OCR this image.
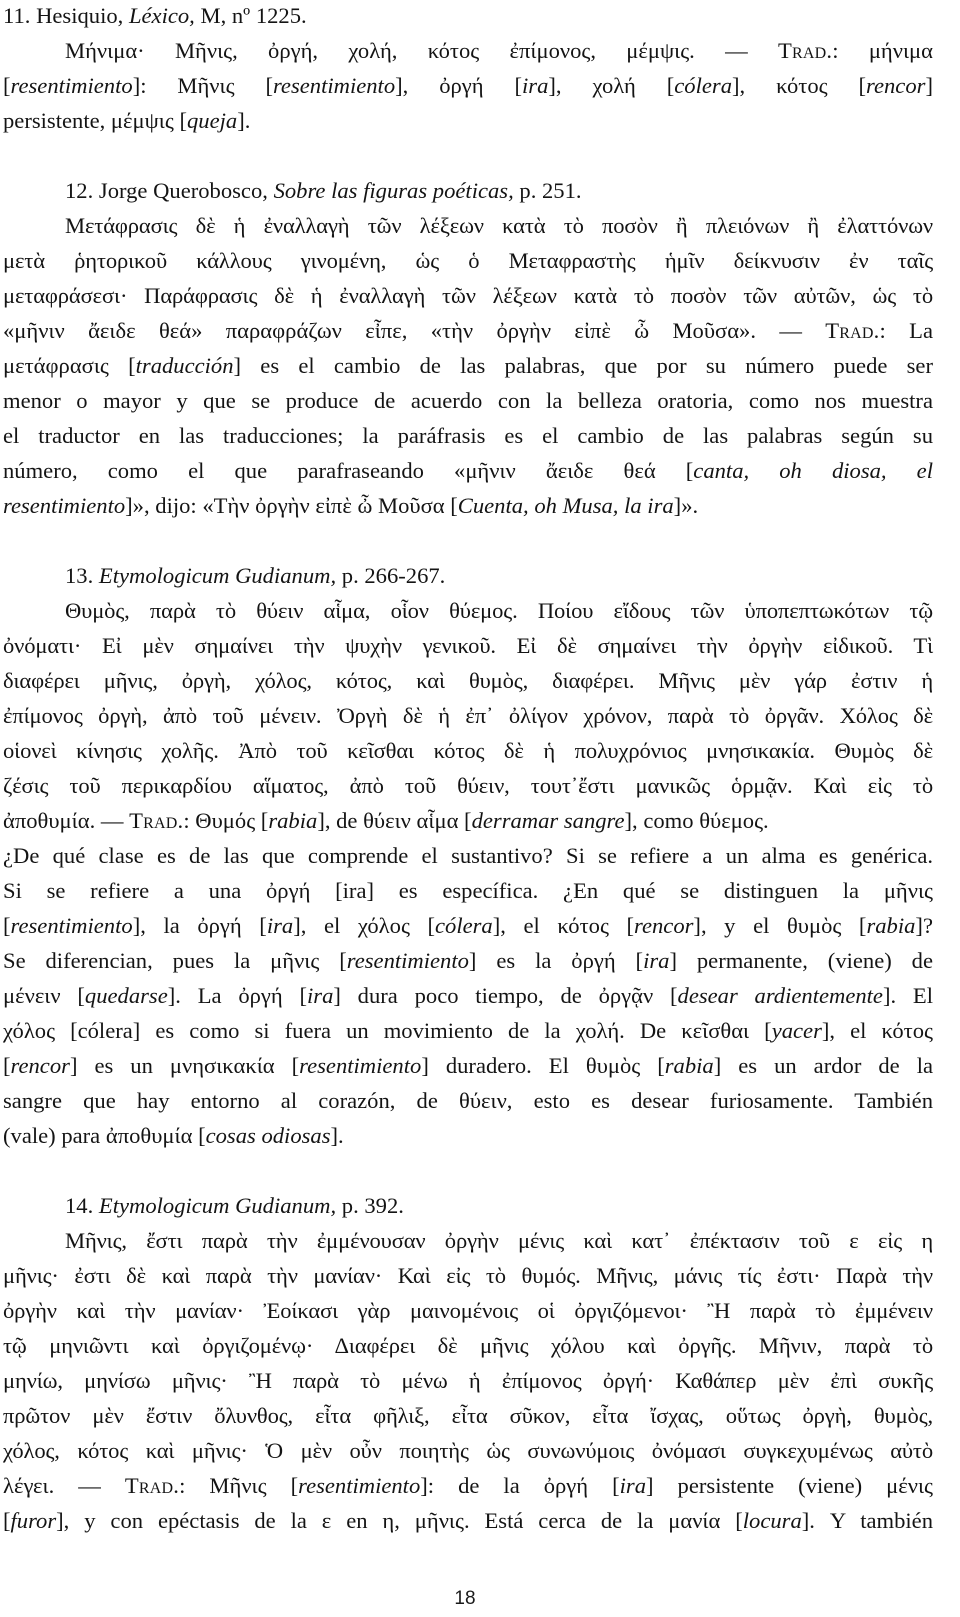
11. Hesiquio, Léxico, M, nº 1225.
Μήνιμα· Μῆνις, ὀργή, χολή, κότος ἐπίμονος, μέμψις. — Trad.: μήνιμα
[resentimiento]: Μῆνις [resentimiento], ὀργή [ira], χολή [cólera], κότος [rencor]
persistente, μέμψις [queja].
12. Jorge Querobosco, Sobre las figuras poéticas, p. 251.
Μετάφρασις δὲ ἡ ἐναλλαγὴ τῶν λέξεων κατὰ τὸ ποσὸν ἢ πλειόνων ἢ ἐλαττόνων
μετὰ ῥητορικοῦ κάλλους γινομένη, ὡς ὁ Μεταφραστὴς ἡμῖν δείκνυσιν ἐν ταῖς
μεταφράσεσι· Παράφρασις δὲ ἡ ἐναλλαγὴ τῶν λέξεων κατὰ τὸ ποσὸν τῶν αὐτῶν, ὡς τὸ
«μῆνιν ἄειδε θεά» παραφράζων εἶπε, «τὴν ὀργὴν εἰπὲ ὦ Μοῦσα». — Trad.: La
μετάφρασις [traducción] es el cambio de las palabras, que por su número puede ser
menor o mayor y que se produce de acuerdo con la belleza oratoria, como nos muestra
el traductor en las traducciones; la paráfrasis es el cambio de las palabras según su
número, como el que parafraseando «μῆνιν ἄειδε θεά [canta, oh diosa, el
resentimiento]», dijo: «Τὴν ὀργὴν εἰπὲ ὦ Μοῦσα [Cuenta, oh Musa, la ira]».
13. Etymologicum Gudianum, p. 266-267.
Θυμὸς, παρὰ τὸ θύειν αἷμα, οἷον θύεμος. Ποίου εἴδους τῶν ὑποπεπτωκότων τῷ
ὀνόματι· Εἰ μὲν σημαίνει τὴν ψυχὴν γενικοῦ. Εἰ δὲ σημαίνει τὴν ὀργὴν εἰδικοῦ. Τὶ
διαφέρει μῆνις, ὀργὴ, χόλος, κότος, καὶ θυμὸς, διαφέρει. Μῆνις μὲν γάρ ἐστιν ἡ
ἐπίμονος ὀργὴ, ἀπὸ τοῦ μένειν. Ὀργὴ δὲ ἡ ἐπ᾽ ὀλίγον χρόνον, παρὰ τὸ ὀργᾶν. Χόλος δὲ
οἱονεὶ κίνησις χολῆς. Ἀπὸ τοῦ κεῖσθαι κότος δὲ ἡ πολυχρόνιος μνησικακία. Θυμὸς δὲ
ζέσις τοῦ περικαρδίου αἵματος, ἀπὸ τοῦ θύειν, τουτ᾽ἔστι μανικῶς ὁρμᾷν. Καὶ εἰς τὸ
ἀποθυμία. — Trad.: Θυμός [rabia], de θύειν αἷμα [derramar sangre], como θύεμος.
¿De qué clase es de las que comprende el sustantivo? Si se refiere a un alma es genérica.
Si se refiere a una ὀργή [ira] es específica. ¿En qué se distinguen la μῆνις
[resentimiento], la ὀργή [ira], el χόλος [cólera], el κότος [rencor], y el θυμὸς [rabia]?
Se diferencian, pues la μῆνις [resentimiento] es la ὀργή [ira] permanente, (viene) de
μένειν [quedarse]. La ὀργή [ira] dura poco tiempo, de ὀργᾷν [desear ardientemente]. El
χόλος [cólera] es como si fuera un movimiento de la χολή. De κεῖσθαι [yacer], el κότος
[rencor] es un μνησικακία [resentimiento] duradero. El θυμὸς [rabia] es un ardor de la
sangre que hay entorno al corazón, de θύειν, esto es desear furiosamente. También
(vale) para ἀποθυμία [cosas odiosas].
14. Etymologicum Gudianum, p. 392.
Μῆνις, ἔστι παρὰ τὴν ἐμμένουσαν ὀργὴν μένις καὶ κατ᾽ ἐπέκτασιν τοῦ ε εἰς η
μῆνις· ἐστι δὲ καὶ παρὰ τὴν μανίαν· Καὶ εἰς τὸ θυμός. Μῆνις, μάνις τίς ἐστι· Παρὰ τὴν
ὀργὴν καὶ τὴν μανίαν· Ἐοίκασι γὰρ μαινομένοις οἱ ὀργιζόμενοι· Ἢ παρὰ τὸ ἐμμένειν
τῷ μηνιῶντι καὶ ὀργιζομένῳ· Διαφέρει δὲ μῆνις χόλου καὶ ὀργῆς. Μῆνιν, παρὰ τὸ
μηνίω, μηνίσω μῆνις· Ἢ παρὰ τὸ μένω ἡ ἐπίμονος ὀργή· Καθάπερ μὲν ἐπὶ συκῆς
πρῶτον μὲν ἔστιν ὄλυνθος, εἶτα φῆλιξ, εἶτα σῦκον, εἶτα ἴσχας, οὕτως ὀργὴ, θυμὸς,
χόλος, κότος καὶ μῆνις· Ὁ μὲν οὖν ποιητὴς ὡς συνωνύμοις ὀνόμασι συγκεχυμένως αὐτὸ
λέγει. — Trad.: Μῆνις [resentimiento]: de la ὀργή [ira] persistente (viene) μένις
[furor], y con epéctasis de la ε en η, μῆνις. Está cerca de la μανία [locura]. Y también
18
